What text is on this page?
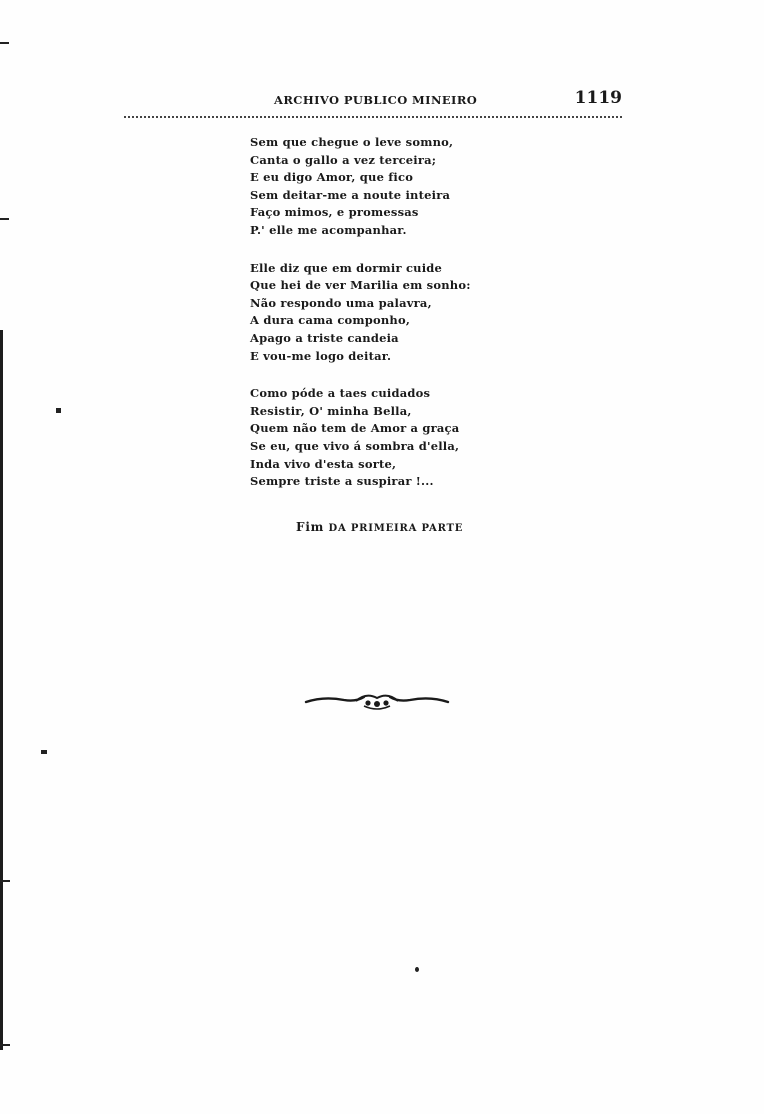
ARCHIVO PUBLICO MINEIRO	1119
Sem que chegue o leve somno,
Canta o gallo a vez terceira;
E eu digo Amor, que fico
Sem deitar-me a noute inteira
Faço mimos, e promessas
P.' elle me acompanhar.
Elle diz que em dormir cuide
Que hei de ver Marilia em sonho:
Não respondo uma palavra,
A dura cama componho,
Apago a triste candeia
E vou-me logo deitar.
Como póde a taes cuidados
Resistir, O' minha Bella,
Quem não tem de Amor a graça
Se eu, que vivo á sombra d'ella,
Inda vivo d'esta sorte,
Sempre triste a suspirar !...
Fim DA PRIMEIRA PARTE
